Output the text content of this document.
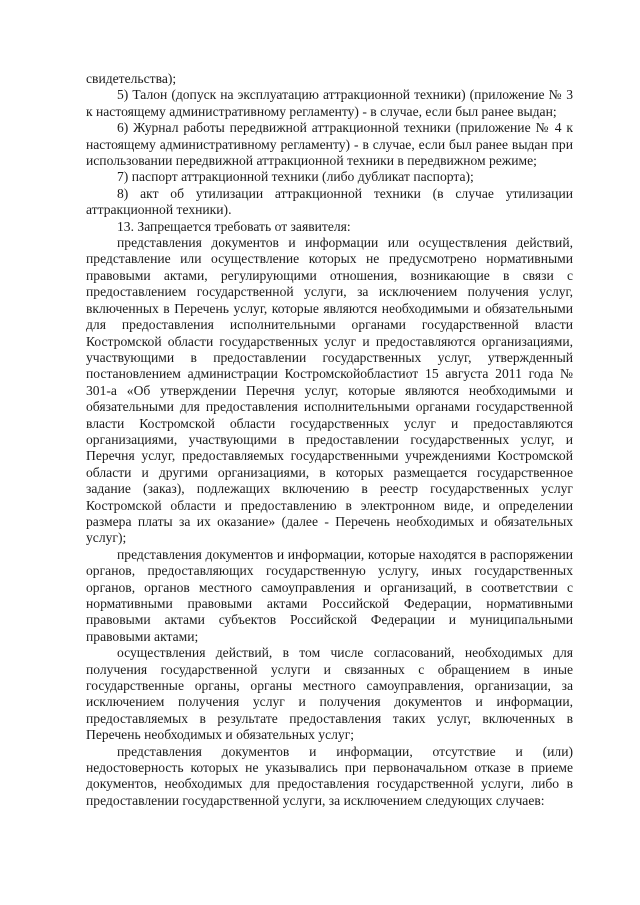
свидетельства);

5) Талон (допуск на эксплуатацию аттракционной техники) (приложение № 3 к настоящему административному регламенту) - в случае, если был ранее выдан;

6) Журнал работы передвижной аттракционной техники (приложение № 4 к настоящему административному регламенту) - в случае, если был ранее выдан при использовании передвижной аттракционной техники в передвижном режиме;

7) паспорт аттракционной техники (либо дубликат паспорта);

8) акт об утилизации аттракционной техники (в случае утилизации аттракционной техники).

13. Запрещается требовать от заявителя:

представления документов и информации или осуществления действий, представление или осуществление которых не предусмотрено нормативными правовыми актами, регулирующими отношения, возникающие в связи с предоставлением государственной услуги, за исключением получения услуг, включенных в Перечень услуг, которые являются необходимыми и обязательными для предоставления исполнительными органами государственной власти Костромской области государственных услуг и предоставляются организациями, участвующими в предоставлении государственных услуг, утвержденный постановлением администрации Костромскойобластиот 15 августа 2011 года № 301-а «Об утверждении Перечня услуг, которые являются необходимыми и обязательными для предоставления исполнительными органами государственной власти Костромской области государственных услуг и предоставляются организациями, участвующими в предоставлении государственных услуг, и Перечня услуг, предоставляемых государственными учреждениями Костромской области и другими организациями, в которых размещается государственное задание (заказ), подлежащих включению в реестр государственных услуг Костромской области и предоставлению в электронном виде, и определении размера платы за их оказание» (далее - Перечень необходимых и обязательных услуг);

представления документов и информации, которые находятся в распоряжении органов, предоставляющих государственную услугу, иных государственных органов, органов местного самоуправления и организаций, в соответствии с нормативными правовыми актами Российской Федерации, нормативными правовыми актами субъектов Российской Федерации и муниципальными правовыми актами;

осуществления действий, в том числе согласований, необходимых для получения государственной услуги и связанных с обращением в иные государственные органы, органы местного самоуправления, организации, за исключением получения услуг и получения документов и информации, предоставляемых в результате предоставления таких услуг, включенных в Перечень необходимых и обязательных услуг;

представления документов и информации, отсутствие и (или) недостоверность которых не указывались при первоначальном отказе в приеме документов, необходимых для предоставления государственной услуги, либо в предоставлении государственной услуги, за исключением следующих случаев:
